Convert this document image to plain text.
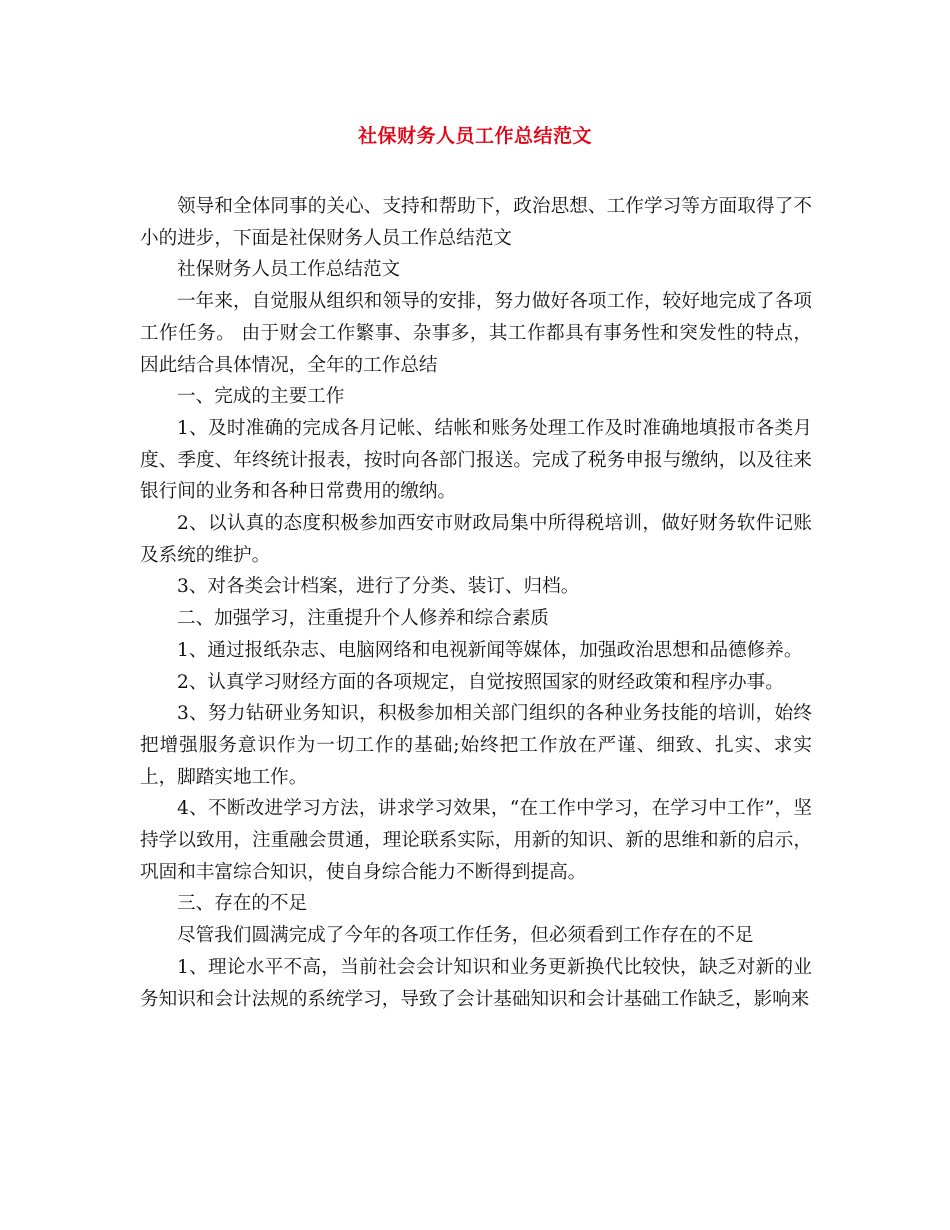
社保财务人员工作总结范文

领导和全体同事的关心、支持和帮助下，政治思想、工作学习等方面取得了不小的进步，下面是社保财务人员工作总结范文

社保财务人员工作总结范文

一年来，自觉服从组织和领导的安排，努力做好各项工作，较好地完成了各项工作任务。 由于财会工作繁事、杂事多，其工作都具有事务性和突发性的特点，因此结合具体情况，全年的工作总结

一、完成的主要工作

1、及时准确的完成各月记帐、结帐和账务处理工作及时准确地填报市各类月度、季度、年终统计报表，按时向各部门报送。完成了税务申报与缴纳，以及往来银行间的业务和各种日常费用的缴纳。

2、以认真的态度积极参加西安市财政局集中所得税培训，做好财务软件记账及系统的维护。

3、对各类会计档案，进行了分类、装订、归档。

二、加强学习，注重提升个人修养和综合素质

1、通过报纸杂志、电脑网络和电视新闻等媒体，加强政治思想和品德修养。

2、认真学习财经方面的各项规定，自觉按照国家的财经政策和程序办事。

3、努力钻研业务知识，积极参加相关部门组织的各种业务技能的培训，始终把增强服务意识作为一切工作的基础;始终把工作放在严谨、细致、扎实、求实上，脚踏实地工作。

4、不断改进学习方法，讲求学习效果，“在工作中学习，在学习中工作”，坚持学以致用，注重融会贯通，理论联系实际，用新的知识、新的思维和新的启示，巩固和丰富综合知识，使自身综合能力不断得到提高。

三、存在的不足

尽管我们圆满完成了今年的各项工作任务，但必须看到工作存在的不足

1、理论水平不高，当前社会会计知识和业务更新换代比较快，缺乏对新的业务知识和会计法规的系统学习，导致了会计基础知识和会计基础工作缺乏，影响来
